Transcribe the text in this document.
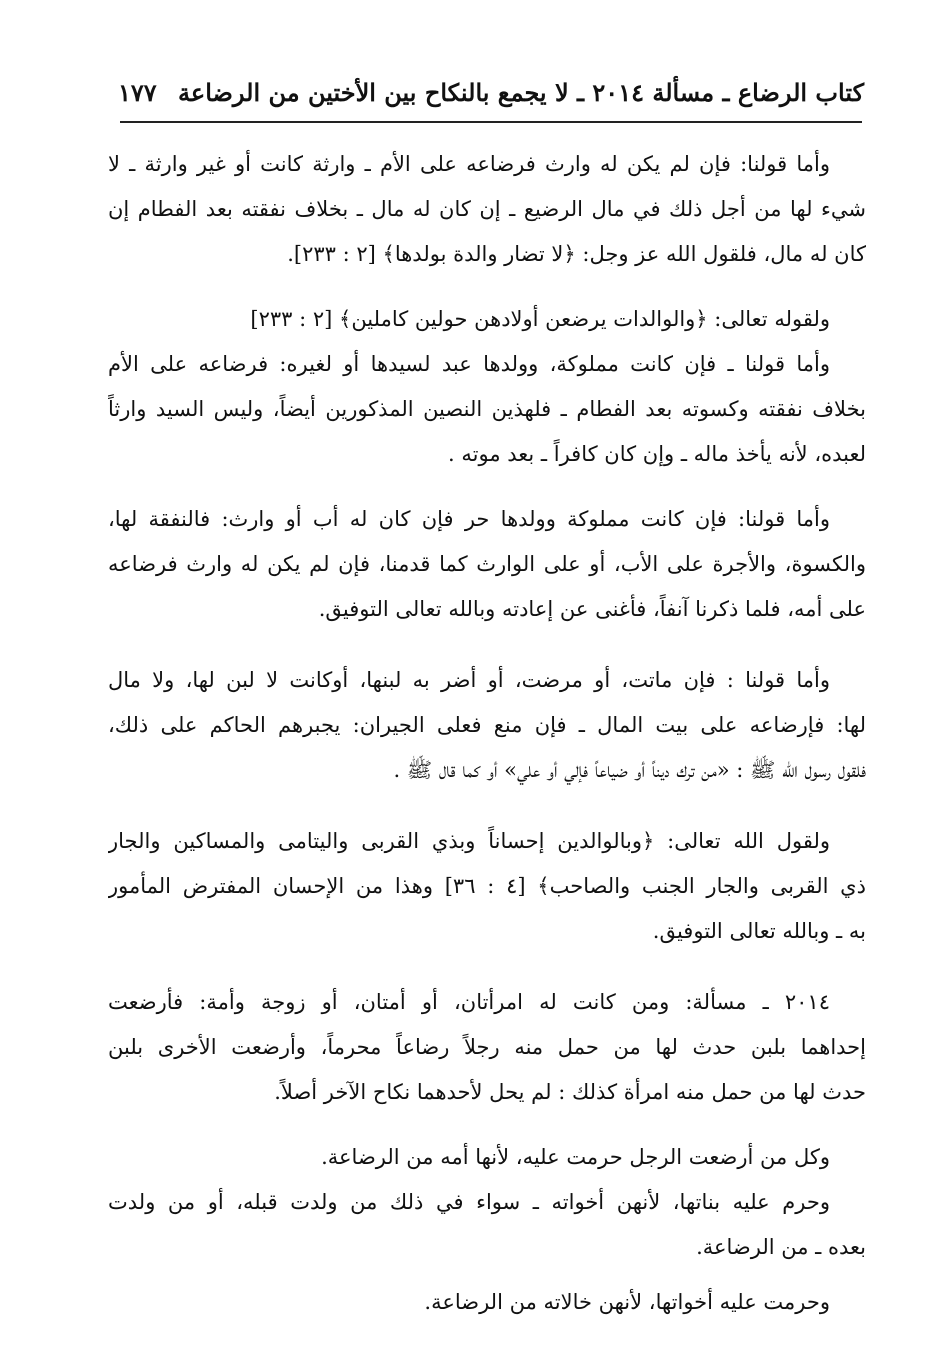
كتاب الرضاع ـ مسألة ٢٠١٤ ـ لا يجمع بالنكاح بين الأختين من الرضاعة
١٧٧
وأما قولنا: فإن لم يكن له وارث فرضاعه على الأم ـ وارثة كانت أو غير وارثة ـ لا
شيء لها من أجل ذلك في مال الرضيع ـ إن كان له مال ـ بخلاف نفقته بعد الفطام إن
كان له مال، فلقول الله عز وجل: ﴿لا تضار والدة بولدها﴾ [٢ : ٢٣٣].
ولقوله تعالى: ﴿والوالدات يرضعن أولادهن حولين كاملين﴾ [٢ : ٢٣٣]
وأما قولنا ـ فإن كانت مملوكة، وولدها عبد لسيدها أو لغيره: فرضاعه على الأم
بخلاف نفقته وكسوته بعد الفطام ـ فلهذين النصين المذكورين أيضاً، وليس السيد وارثاً
لعبده، لأنه يأخذ ماله ـ وإن كان كافراً ـ بعد موته .
وأما قولنا: فإن كانت مملوكة وولدها حر فإن كان له أب أو وارث: فالنفقة لها،
والكسوة، والأجرة على الأب، أو على الوارث كما قدمنا، فإن لم يكن له وارث فرضاعه
على أمه، فلما ذكرنا آنفاً، فأغنى عن إعادته وبالله تعالى التوفيق.
وأما قولنا : فإن ماتت، أو مرضت، أو أضر به لبنها، أوكانت لا لبن لها، ولا مال
لها: فإرضاعه على بيت المال ـ فإن منع فعلى الجيران: يجبرهم الحاكم على ذلك،
فلقول رسول الله ﷺ : «من ترك ديناً أو ضياعاً فإلي أو علي» أو كما قال ﷺ .
ولقول الله تعالى: ﴿وبالوالدين إحساناً وبذي القربى واليتامى والمساكين والجار
ذي القربى والجار الجنب والصاحب﴾ [٤ : ٣٦] وهذا من الإحسان المفترض المأمور
به ـ وبالله تعالى التوفيق.
٢٠١٤ ـ مسألة: ومن كانت له امرأتان، أو أمتان، أو زوجة وأمة: فأرضعت
إحداهما بلبن حدث لها من حمل منه رجلاً رضاعاً محرماً، وأرضعت الأخرى بلبن
حدث لها من حمل منه امرأة كذلك : لم يحل لأحدهما نكاح الآخر أصلاً.
وكل من أرضعت الرجل حرمت عليه، لأنها أمه من الرضاعة.
وحرم عليه بناتها، لأنهن أخواته ـ سواء في ذلك من ولدت قبله، أو من ولدت
بعده ـ من الرضاعة.
وحرمت عليه أخواتها، لأنهن خالاته من الرضاعة.
